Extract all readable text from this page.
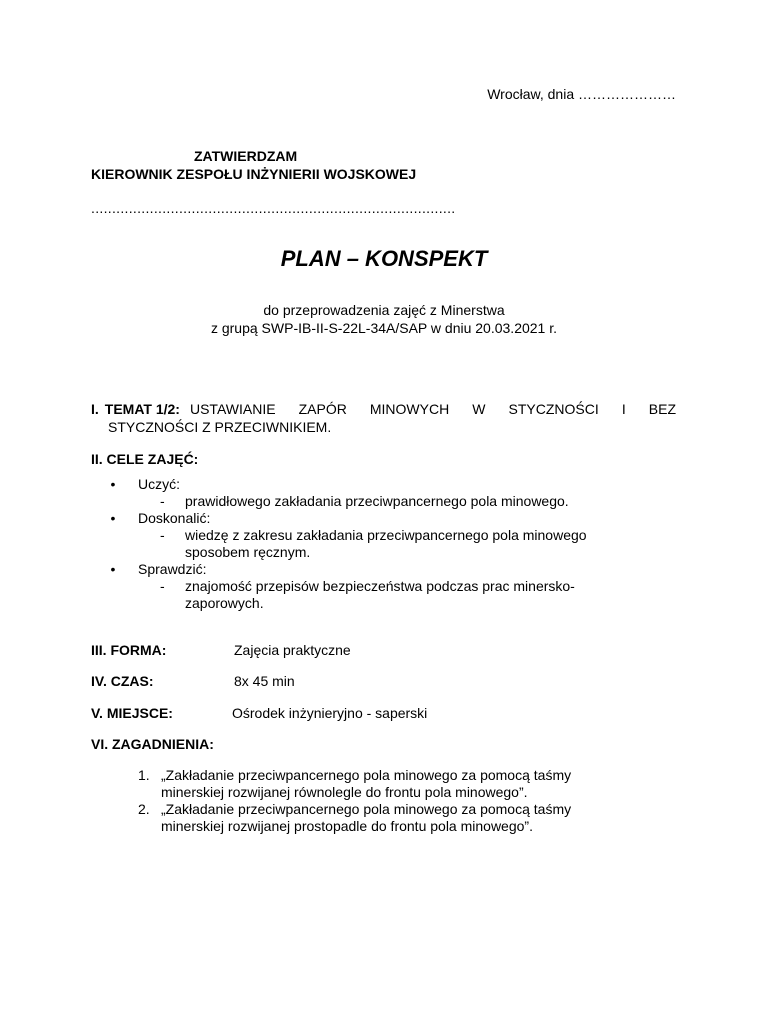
Wrocław, dnia …………………
ZATWIERDZAM
KIEROWNIK ZESPOŁU INŻYNIERII WOJSKOWEJ
.......................................................................................
PLAN – KONSPEKT
do przeprowadzenia zajęć z Minerstwa
z grupą SWP-IB-II-S-22L-34A/SAP w dniu 20.03.2021 r.
I. TEMAT 1/2: USTAWIANIE ZAPÓR MINOWYCH W STYCZNOŚCI I BEZ
STYCZNOŚCI Z PRZECIWNIKIEM.
II. CELE ZAJĘĆ:
•	Uczyć:
- prawidłowego zakładania przeciwpancernego pola minowego.
•	Doskonalić:
- wiedzę z zakresu zakładania przeciwpancernego pola minowego
sposobem ręcznym.
•	Sprawdzić:
- znajomość przepisów bezpieczeństwa podczas prac minersko-
zaporowych.
III. FORMA:	Zajęcia praktyczne
IV. CZAS:	8x 45 min
V. MIEJSCE:	Ośrodek inżynieryjno - saperski
VI. ZAGADNIENIA:
1. „Zakładanie przeciwpancernego pola minowego za pomocą taśmy
minerskiej rozwijanej równolegle do frontu pola minowego”.
2. „Zakładanie przeciwpancernego pola minowego za pomocą taśmy
minerskiej rozwijanej prostopadle do frontu pola minowego”.
